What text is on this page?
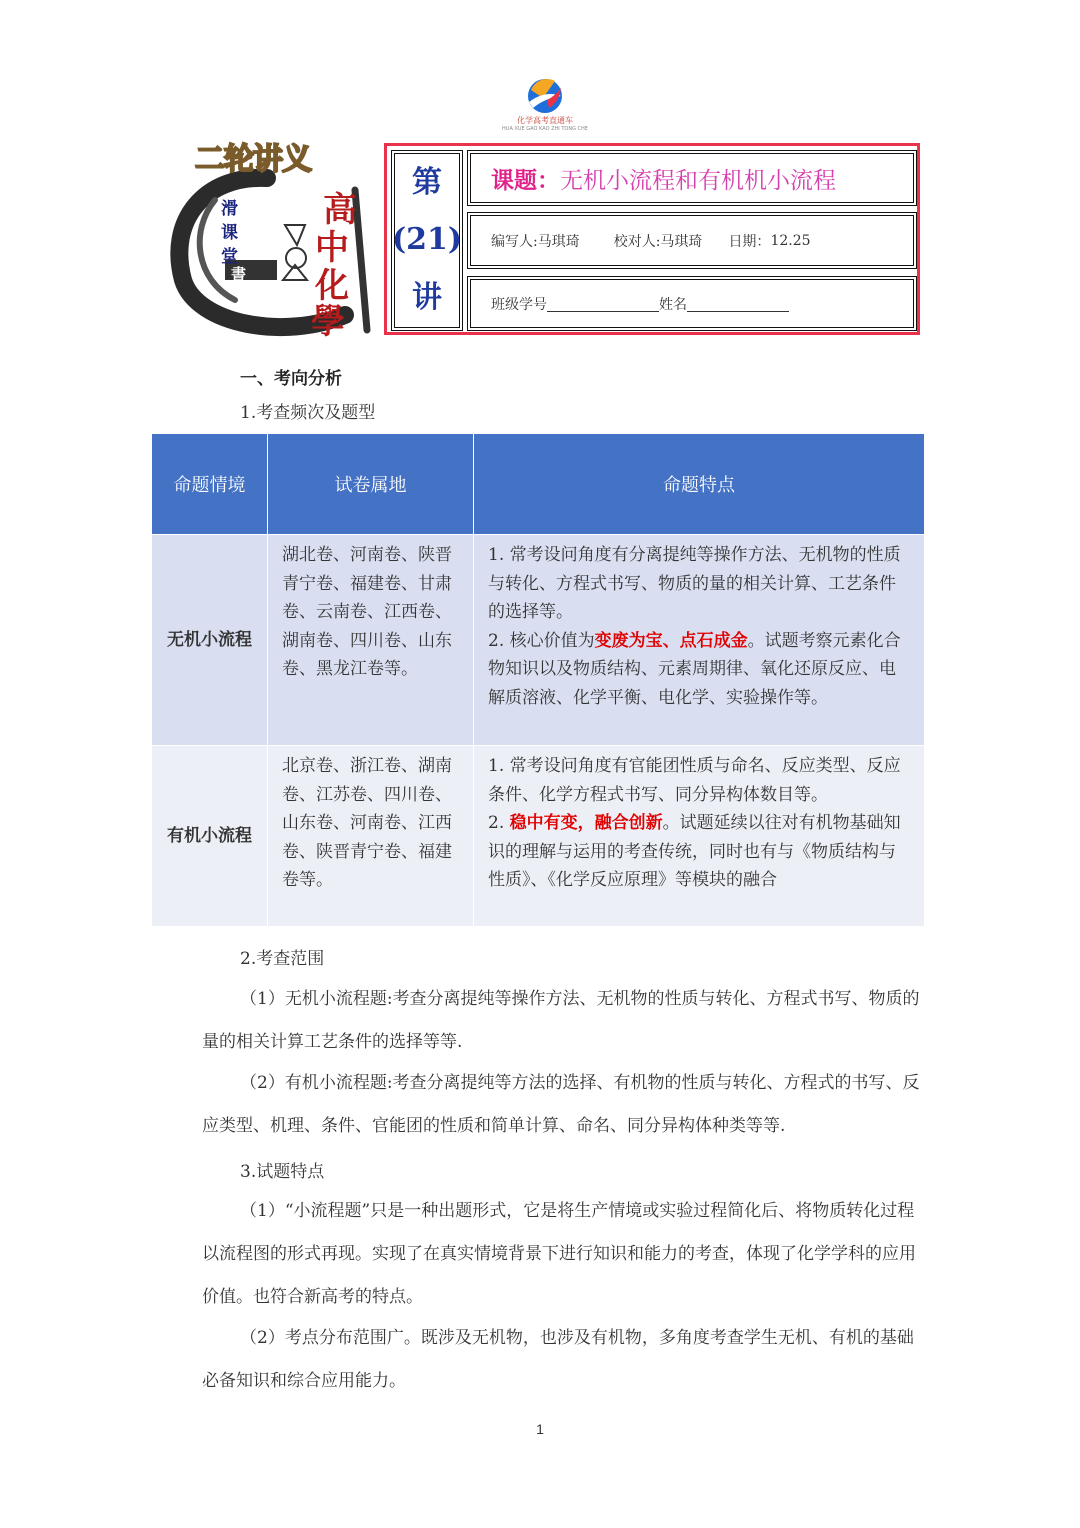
化学高考直通车
HUA XUE GAO KAO ZHI TONG CHE
二轮讲义
滑
课
堂
書
高
中
化
學
第
(21)
讲
课题： 无机小流程和有机机小流程
编写人:马琪琦 校对人:马琪琦 日期： 12.25
班级学号	姓名
一、考向分析
1.考查频次及题型
命题情境	试卷属地	命题特点
无机小流程	湖北卷、河南卷、陕晋青宁卷、福建卷、甘肃卷、云南卷、江西卷、湖南卷、四川卷、山东卷、黑龙江卷等。	1. 常考设问角度有分离提纯等操作方法、无机物的性质与转化、方程式书写、物质的量的相关计算、工艺条件的选择等。
2. 核心价值为变废为宝、点石成金。试题考察元素化合物知识以及物质结构、元素周期律、氧化还原反应、电解质溶液、化学平衡、电化学、实验操作等。

有机小流程	北京卷、浙江卷、湖南卷、江苏卷、四川卷、山东卷、河南卷、江西卷、陕晋青宁卷、福建卷等。	1. 常考设问角度有官能团性质与命名、反应类型、反应条件、化学方程式书写、同分异构体数目等。
2. 稳中有变，融合创新。试题延续以往对有机物基础知识的理解与运用的考查传统，同时也有与《物质结构与性质》、《化学反应原理》等模块的融合
2.考查范围
（1）无机小流程题:考查分离提纯等操作方法、无机物的性质与转化、方程式书写、物质的量的相关计算工艺条件的选择等等.
（2）有机小流程题:考查分离提纯等方法的选择、有机物的性质与转化、方程式的书写、反应类型、机理、条件、官能团的性质和简单计算、命名、同分异构体种类等等.
3.试题特点
（1）“小流程题”只是一种出题形式，它是将生产情境或实验过程简化后、将物质转化过程以流程图的形式再现。实现了在真实情境背景下进行知识和能力的考查，体现了化学学科的应用价值。也符合新高考的特点。
（2）考点分布范围广。既涉及无机物，也涉及有机物，多角度考查学生无机、有机的基础必备知识和综合应用能力。
1
